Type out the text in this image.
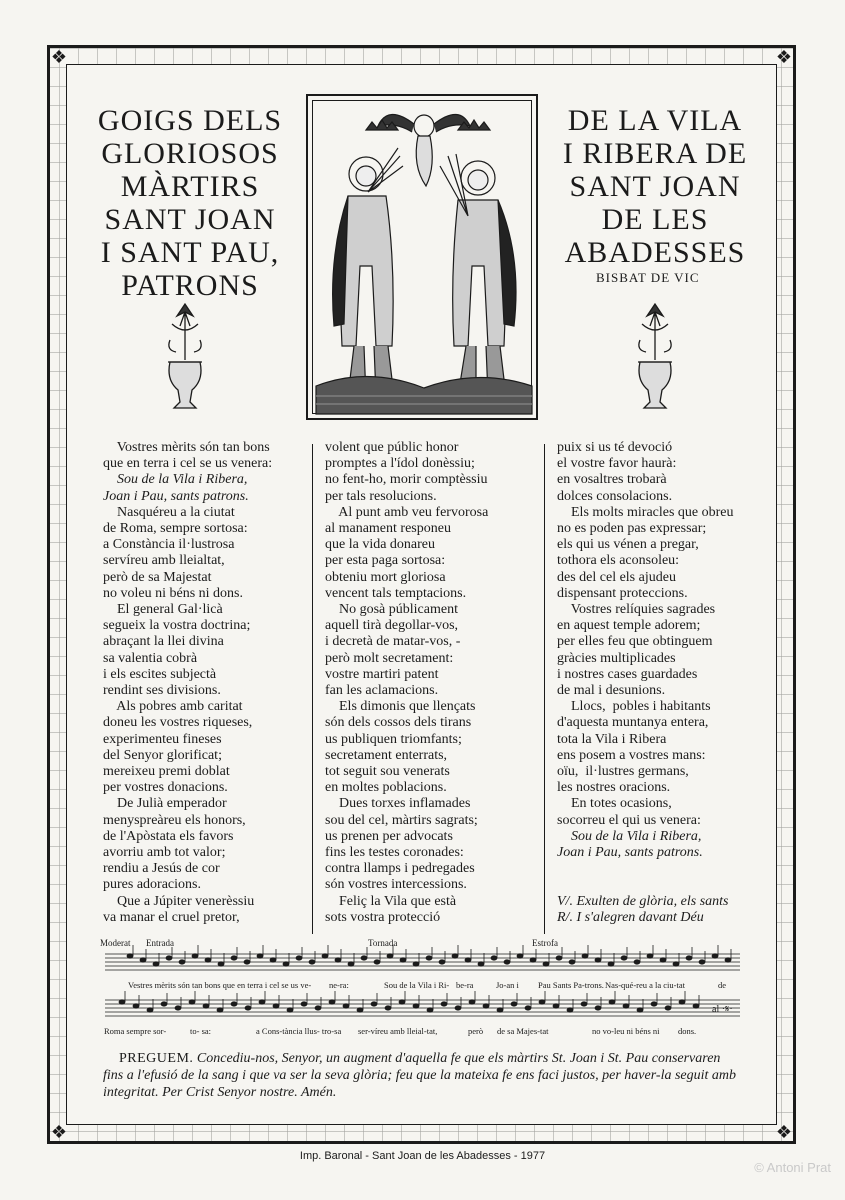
❖	❖
❖	❖
GOIGS DELS
GLORIOSOS
MÀRTIRS
SANT JOAN
I SANT PAU,
PATRONS
DE LA VILA
I RIBERA DE
SANT JOAN
DE LES
ABADESSES
BISBAT DE VIC
Vostres mèrits són tan bons
que en terra i cel se us venera:
Sou de la Vila i Ribera,
Joan i Pau, sants patrons.
Nasquéreu a la ciutat
de Roma, sempre sortosa:
a Constància il·lustrosa
servíreu amb lleialtat,
però de sa Majestat
no voleu ni béns ni dons.
El general Gal·licà
segueix la vostra doctrina;
abraçant la llei divina
sa valentia cobrà
i els escites subjectà
rendint ses divisions.
Als pobres amb caritat
doneu les vostres riqueses,
experimenteu fineses
del Senyor glorificat;
mereixeu premi doblat
per vostres donacions.
De Julià emperador
menyspreàreu els honors,
de l'Apòstata els favors
avorriu amb tot valor;
rendiu a Jesús de cor
pures adoracions.
Que a Júpiter venerèssiu
va manar el cruel pretor,
volent que públic honor
promptes a l'ídol donèssiu;
no fent-ho, morir comptèssiu
per tals resolucions.
Al punt amb veu fervorosa
al manament responeu
que la vida donareu
per esta paga sortosa:
obteniu mort gloriosa
vencent tals temptacions.
No gosà públicament
aquell tirà degollar-vos,
i decretà de matar-vos, -
però molt secretament:
vostre martiri patent
fan les aclamacions.
Els dimonis que llençats
són dels cossos dels tirans
us publiquen triomfants;
secretament enterrats,
tot seguit sou venerats
en moltes poblacions.
Dues torxes inflamades
sou del cel, màrtirs sagrats;
us prenen per advocats
fins les testes coronades:
contra llamps i pedregades
són vostres intercessions.
Feliç la Vila que està
sots vostra protecció
puix si us té devoció
el vostre favor haurà:
en vosaltres trobarà
dolces consolacions.
Els molts miracles que obreu
no es poden pas expressar;
els qui us vénen a pregar,
tothora els aconsoleu:
des del cel els ajudeu
dispensant proteccions.
Vostres relíquies sagrades
en aquest temple adorem;
per elles feu que obtinguem
gràcies multiplicades
i nostres cases guardades
de mal i desunions.
Llocs,  pobles i habitants
d'aquesta muntanya entera,
tota la Vila i Ribera
ens posem a vostres mans:
oïu,  il·lustres germans,
les nostres oracions.
En totes ocasions,
socorreu el qui us venera:
Sou de la Vila i Ribera,
Joan i Pau, sants patrons.

V/. Exulten de glòria, els sants
R/. I s'alegren davant Déu
Moderat Entrada	Tornada	Estrofa
Vestres mèrits són tan bons que en terra i cel se us ve- ne-ra:	Sou de la Vila i Ri- be-ra	Jo-an i Pau Sants Pa-trons. Nas-qué-reu a la ciu-tat	de
Roma sempre sor-	to- sa:	a Cons-tància llus- tro-sa ser-víreu amb lleial-tat,	però de sa Majes-tat	no vo-leu ni béns ni dons.
al ·𝄋·
PREGUEM. Concediu-nos, Senyor, un augment d'aquella fe que els màrtirs St. Joan i St. Pau conservaren fins a l'efusió de la sang i que va ser la seva glòria; feu que la mateixa fe ens faci justos, per haver-la seguit amb integritat. Per Crist Senyor nostre. Amén.
Imp. Baronal - Sant Joan de les Abadesses - 1977
© Antoni Prat
